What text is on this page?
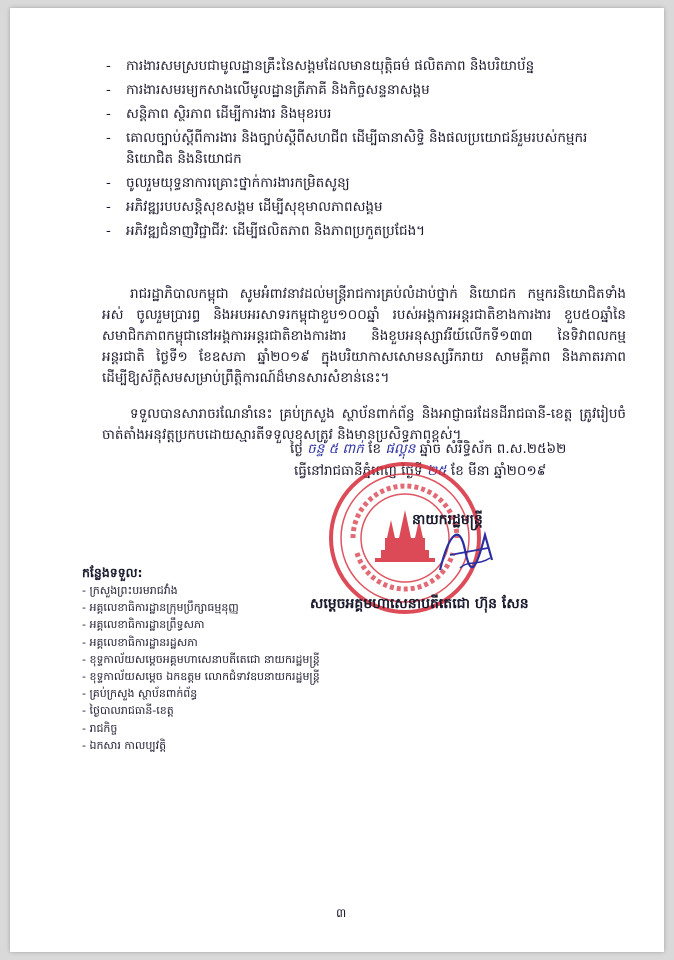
- ការងារសមស្របជាមូលដ្ឋានគ្រឹះនៃសង្គមដែលមានយុត្តិធម៌ ផលិតភាព និងបរិយាប័ន្ន
- ការងារសមរម្យកសាងលើមូលដ្ឋានត្រីភាគី និងកិច្ចសន្ទនាសង្គម
- សន្តិភាព ស្ថិរភាព ដើម្បីការងារ និងមុខរបរ
- គោលច្បាប់ស្តីពីការងារ និងច្បាប់ស្តីពីសហជីព ដើម្បីធានាសិទ្ធិ និងផលប្រយោជន៍រួមរបស់កម្មករ និយោជិត និងនិយោជក
- ចូលរួមយុទ្ធនាការគ្រោះថ្នាក់ការងារកម្រិតសូន្យ
- អភិវឌ្ឍរបបសន្តិសុខសង្គម ដើម្បីសុខុមាលភាពសង្គម
- អភិវឌ្ឍជំនាញវិជ្ជាជីវៈ ដើម្បីផលិតភាព និងភាពប្រកួតប្រជែង។

រាជរដ្ឋាភិបាលកម្ពុជា សូមអំពាវនាវដល់មន្ត្រីរាជការគ្រប់លំដាប់ថ្នាក់ និយោជក កម្មករនិយោជិតទាំងអស់ ចូលរួមប្រារព្ធ និងអបអរសាទរកម្ពុជាខួប១០០ឆ្នាំ របស់អង្គការអន្តរជាតិខាងការងារ ខួប៥០ឆ្នាំនៃសមាជិកភាពកម្ពុជានៅអង្គការអន្តរជាតិខាងការងារ និងខួបអនុស្សាវរីយ៍លើកទី១៣៣ នៃទិវាពលកម្មអន្តរជាតិ ថ្ងៃទី១ ខែឧសភា ឆ្នាំ២០១៩ ក្នុងបរិយាកាសសោមនស្សរីករាយ សាមគ្គីភាព និងភាតរភាព ដើម្បីឱ្យស័ក្តិសមសម្រាប់ព្រឹត្តិការណ៍ដ៏មានសារសំខាន់នេះ។

ទទួលបានសារាចរណែនាំនេះ គ្រប់ក្រសួង ស្ថាប័នពាក់ព័ន្ធ និងអាជ្ញាធរដែនដីរាជធានី-ខេត្ត ត្រូវរៀបចំចាត់តាំងអនុវត្តប្រកបដោយស្មារតីទទួលខុសត្រូវ និងមានប្រសិទ្ធភាពខ្ពស់។

ថ្ងៃ ចន្ទ ៥ ពាក់ ខែ ផល្គុន ឆ្នាំច សំរឹទ្ធិស័ក ព.ស.២៥៦២
ធ្វើនៅរាជធានីភ្នំពេញ ថ្ងៃទី ២៥ ខែ មីនា ឆ្នាំ២០១៩
នាយករដ្ឋមន្ត្រី
សម្តេចអគ្គមហាសេនាបតីតេជោ ហ៊ុន សែន
កន្លែងទទួល:
- ក្រសួងព្រះបរមរាជវាំង
- អគ្គលេខាធិការដ្ឋានក្រុមប្រឹក្សាធម្មនុញ្ញ
- អគ្គលេខាធិការដ្ឋានព្រឹទ្ធសភា
- អគ្គលេខាធិការដ្ឋានរដ្ឋសភា
- ខុទ្ទកាល័យសម្តេចអគ្គមហាសេនាបតីតេជោ នាយករដ្ឋមន្ត្រី
- ខុទ្ទកាល័យសម្តេច ឯកឧត្តម លោកជំទាវឧបនាយករដ្ឋមន្ត្រី
- គ្រប់ក្រសួង ស្ថាប័នពាក់ព័ន្ធ
- ថ្ងៃបាលរាជធានី-ខេត្ត
- រាជកិច្ច
- ឯកសារ កាលប្បវត្តិ
៣
